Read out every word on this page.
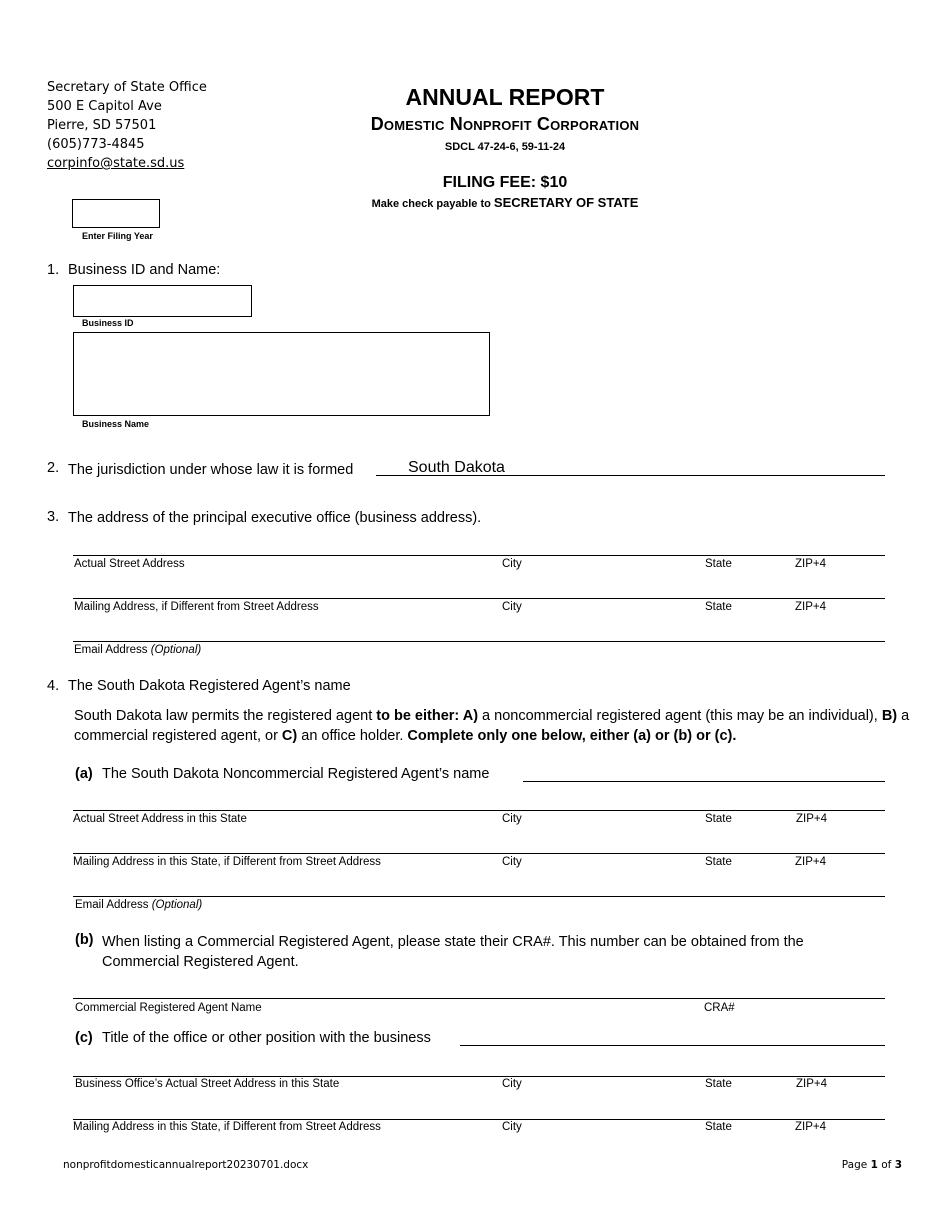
Secretary of State Office
500 E Capitol Ave
Pierre, SD 57501
(605)773-4845
corpinfo@state.sd.us
ANNUAL REPORT
Domestic Nonprofit Corporation
SDCL 47-24-6, 59-11-24
FILING FEE: $10
Make check payable to SECRETARY OF STATE
Enter Filing Year
1. Business ID and Name:
Business ID
Business Name
2. The jurisdiction under whose law it is formed	South Dakota
3. The address of the principal executive office (business address).
Actual Street Address	City	State	ZIP+4
Mailing Address, if Different from Street Address	City	State	ZIP+4
Email Address (Optional)
4. The South Dakota Registered Agent’s name
South Dakota law permits the registered agent to be either: A) a noncommercial registered agent (this may be an individual), B) a commercial registered agent, or C) an office holder. Complete only one below, either (a) or (b) or (c).
(a) The South Dakota Noncommercial Registered Agent’s name
Actual Street Address in this State	City	State	ZIP+4
Mailing Address in this State, if Different from Street Address	City	State	ZIP+4
Email Address (Optional)
(b) When listing a Commercial Registered Agent, please state their CRA#. This number can be obtained from the
Commercial Registered Agent.
Commercial Registered Agent Name	CRA#
(c) Title of the office or other position with the business
Business Office’s Actual Street Address in this State	City	State	ZIP+4
Mailing Address in this State, if Different from Street Address	City	State	ZIP+4
nonprofitdomesticannualreport20230701.docx	Page 1 of 3
